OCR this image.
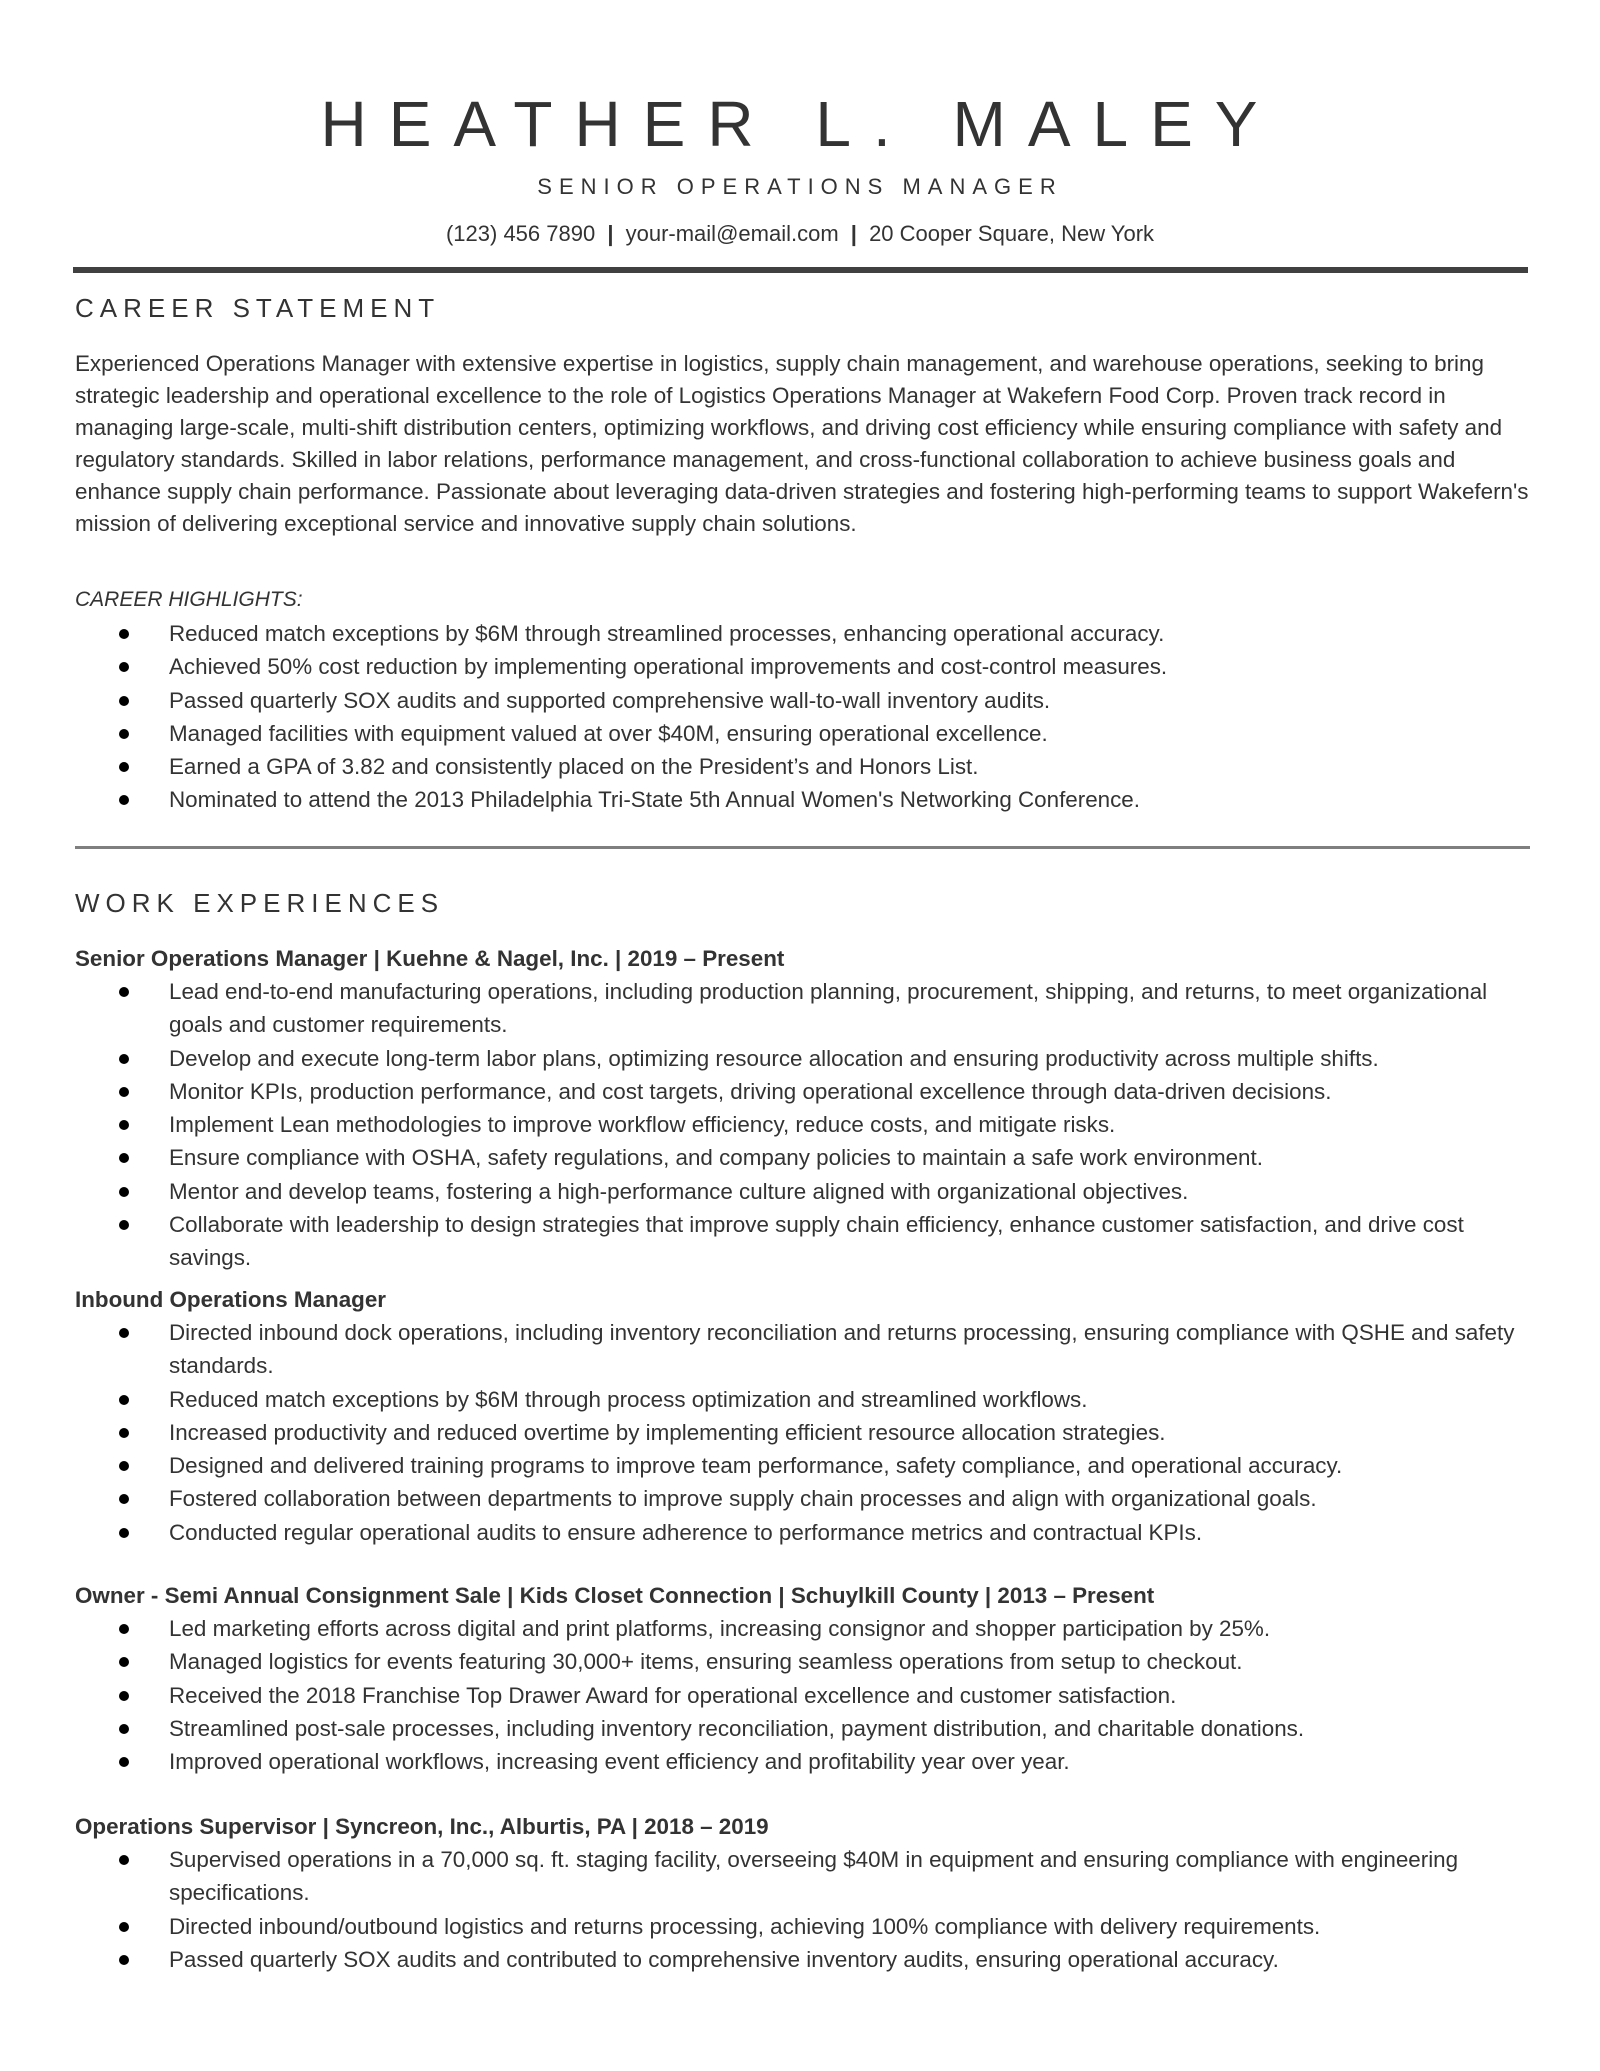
HEATHER L. MALEY
SENIOR OPERATIONS MANAGER
(123) 456 7890 | your-mail@email.com | 20 Cooper Square, New York
CAREER STATEMENT
Experienced Operations Manager with extensive expertise in logistics, supply chain management, and warehouse operations, seeking to bring strategic leadership and operational excellence to the role of Logistics Operations Manager at Wakefern Food Corp. Proven track record in managing large-scale, multi-shift distribution centers, optimizing workflows, and driving cost efficiency while ensuring compliance with safety and regulatory standards. Skilled in labor relations, performance management, and cross-functional collaboration to achieve business goals and enhance supply chain performance. Passionate about leveraging data-driven strategies and fostering high-performing teams to support Wakefern's mission of delivering exceptional service and innovative supply chain solutions.
CAREER HIGHLIGHTS:
Reduced match exceptions by $6M through streamlined processes, enhancing operational accuracy.
Achieved 50% cost reduction by implementing operational improvements and cost-control measures.
Passed quarterly SOX audits and supported comprehensive wall-to-wall inventory audits.
Managed facilities with equipment valued at over $40M, ensuring operational excellence.
Earned a GPA of 3.82 and consistently placed on the President’s and Honors List.
Nominated to attend the 2013 Philadelphia Tri-State 5th Annual Women's Networking Conference.
WORK EXPERIENCES
Senior Operations Manager | Kuehne & Nagel, Inc. | 2019 – Present
Lead end-to-end manufacturing operations, including production planning, procurement, shipping, and returns, to meet organizational goals and customer requirements.
Develop and execute long-term labor plans, optimizing resource allocation and ensuring productivity across multiple shifts.
Monitor KPIs, production performance, and cost targets, driving operational excellence through data-driven decisions.
Implement Lean methodologies to improve workflow efficiency, reduce costs, and mitigate risks.
Ensure compliance with OSHA, safety regulations, and company policies to maintain a safe work environment.
Mentor and develop teams, fostering a high-performance culture aligned with organizational objectives.
Collaborate with leadership to design strategies that improve supply chain efficiency, enhance customer satisfaction, and drive cost savings.
Inbound Operations Manager
Directed inbound dock operations, including inventory reconciliation and returns processing, ensuring compliance with QSHE and safety standards.
Reduced match exceptions by $6M through process optimization and streamlined workflows.
Increased productivity and reduced overtime by implementing efficient resource allocation strategies.
Designed and delivered training programs to improve team performance, safety compliance, and operational accuracy.
Fostered collaboration between departments to improve supply chain processes and align with organizational goals.
Conducted regular operational audits to ensure adherence to performance metrics and contractual KPIs.
Owner - Semi Annual Consignment Sale | Kids Closet Connection | Schuylkill County | 2013 – Present
Led marketing efforts across digital and print platforms, increasing consignor and shopper participation by 25%.
Managed logistics for events featuring 30,000+ items, ensuring seamless operations from setup to checkout.
Received the 2018 Franchise Top Drawer Award for operational excellence and customer satisfaction.
Streamlined post-sale processes, including inventory reconciliation, payment distribution, and charitable donations.
Improved operational workflows, increasing event efficiency and profitability year over year.
Operations Supervisor | Syncreon, Inc., Alburtis, PA | 2018 – 2019
Supervised operations in a 70,000 sq. ft. staging facility, overseeing $40M in equipment and ensuring compliance with engineering specifications.
Directed inbound/outbound logistics and returns processing, achieving 100% compliance with delivery requirements.
Passed quarterly SOX audits and contributed to comprehensive inventory audits, ensuring operational accuracy.
